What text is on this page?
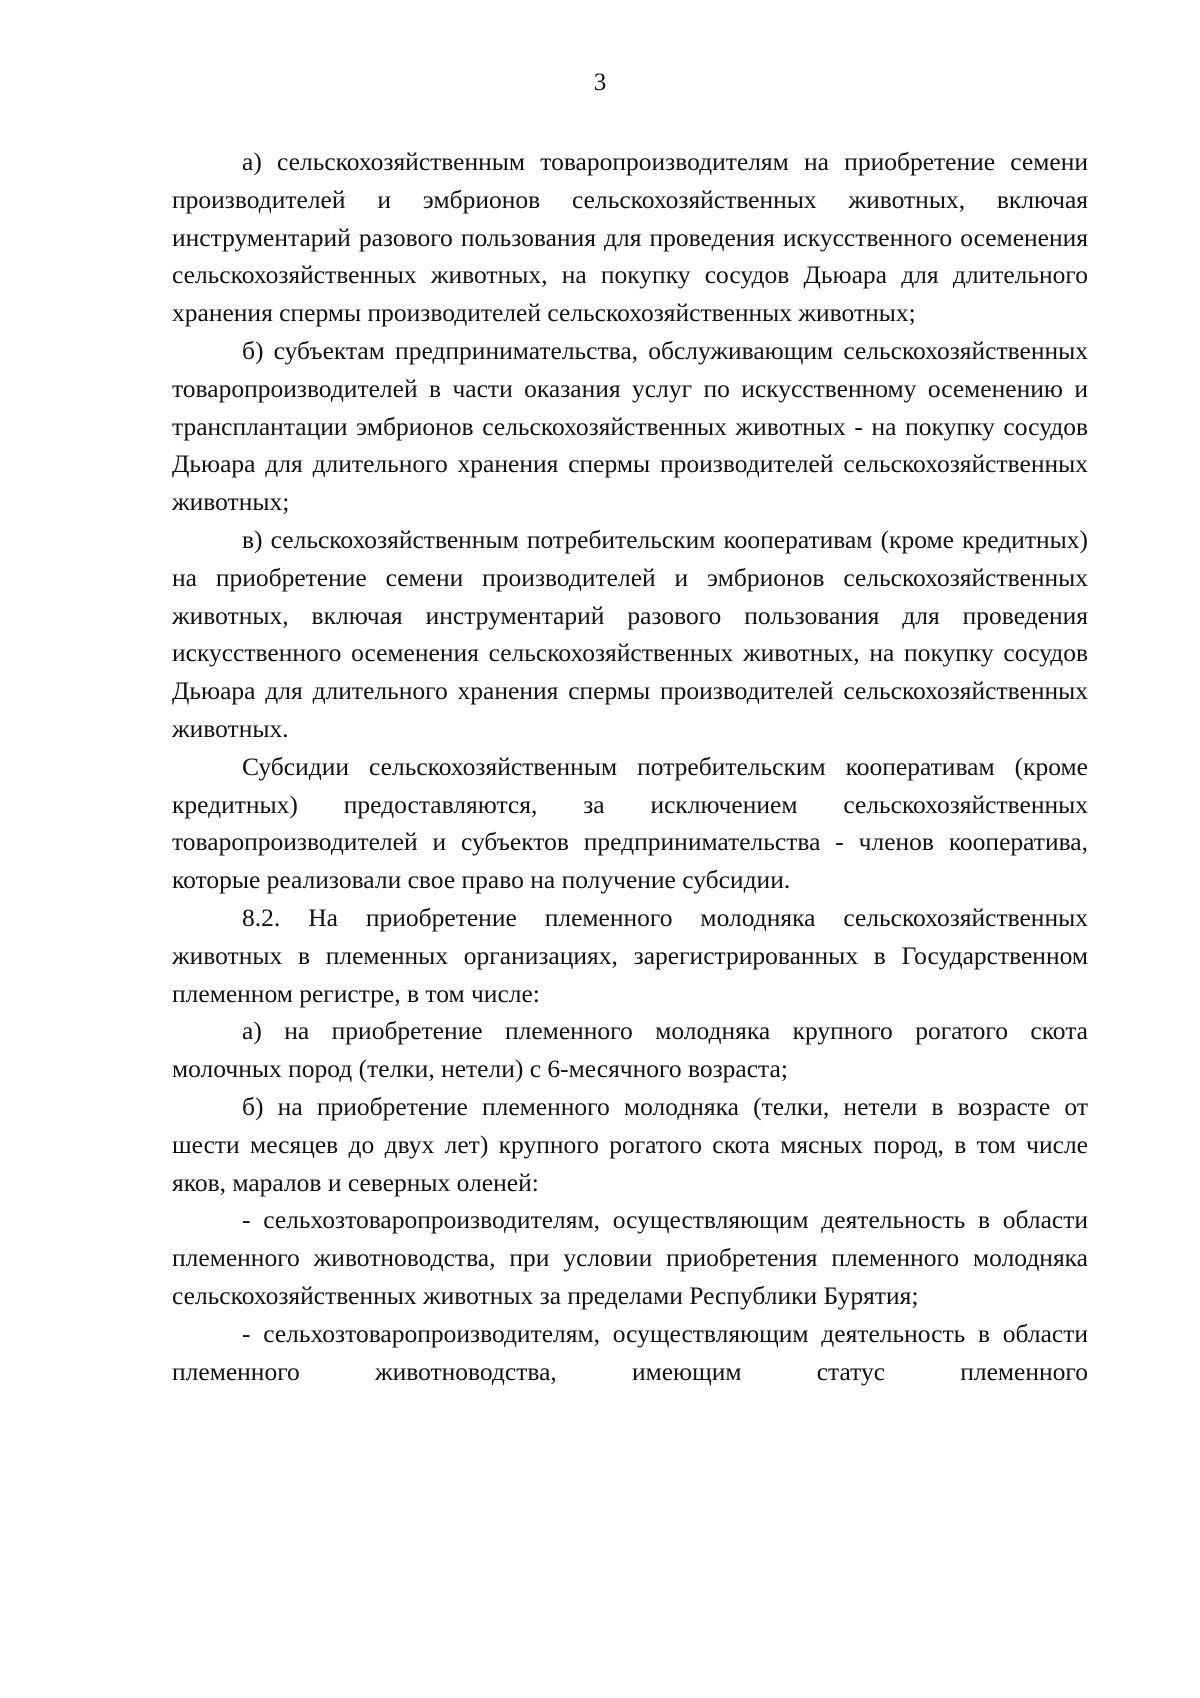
3

а) сельскохозяйственным товаропроизводителям на приобретение семени производителей и эмбрионов сельскохозяйственных животных, включая инструментарий разового пользования для проведения искусственного осеменения сельскохозяйственных животных, на покупку сосудов Дьюара для длительного хранения спермы производителей сельскохозяйственных животных;

б) субъектам предпринимательства, обслуживающим сельскохозяйственных товаропроизводителей в части оказания услуг по искусственному осеменению и трансплантации эмбрионов сельскохозяйственных животных - на покупку сосудов Дьюара для длительного хранения спермы производителей сельскохозяйственных животных;

в) сельскохозяйственным потребительским кооперативам (кроме кредитных) на приобретение семени производителей и эмбрионов сельскохозяйственных животных, включая инструментарий разового пользования для проведения искусственного осеменения сельскохозяйственных животных, на покупку сосудов Дьюара для длительного хранения спермы производителей сельскохозяйственных животных.

Субсидии сельскохозяйственным потребительским кооперативам (кроме кредитных) предоставляются, за исключением сельскохозяйственных товаропроизводителей и субъектов предпринимательства - членов кооператива, которые реализовали свое право на получение субсидии.

8.2. На приобретение племенного молодняка сельскохозяйственных животных в племенных организациях, зарегистрированных в Государственном племенном регистре, в том числе:

а) на приобретение племенного молодняка крупного рогатого скота молочных пород (телки, нетели) с 6-месячного возраста;

б) на приобретение племенного молодняка (телки, нетели в возрасте от шести месяцев до двух лет) крупного рогатого скота мясных пород, в том числе яков, маралов и северных оленей:

- сельхозтоваропроизводителям, осуществляющим деятельность в области племенного животноводства, при условии приобретения племенного молодняка сельскохозяйственных животных за пределами Республики Бурятия;

- сельхозтоваропроизводителям, осуществляющим деятельность в области племенного животноводства, имеющим статус племенного
